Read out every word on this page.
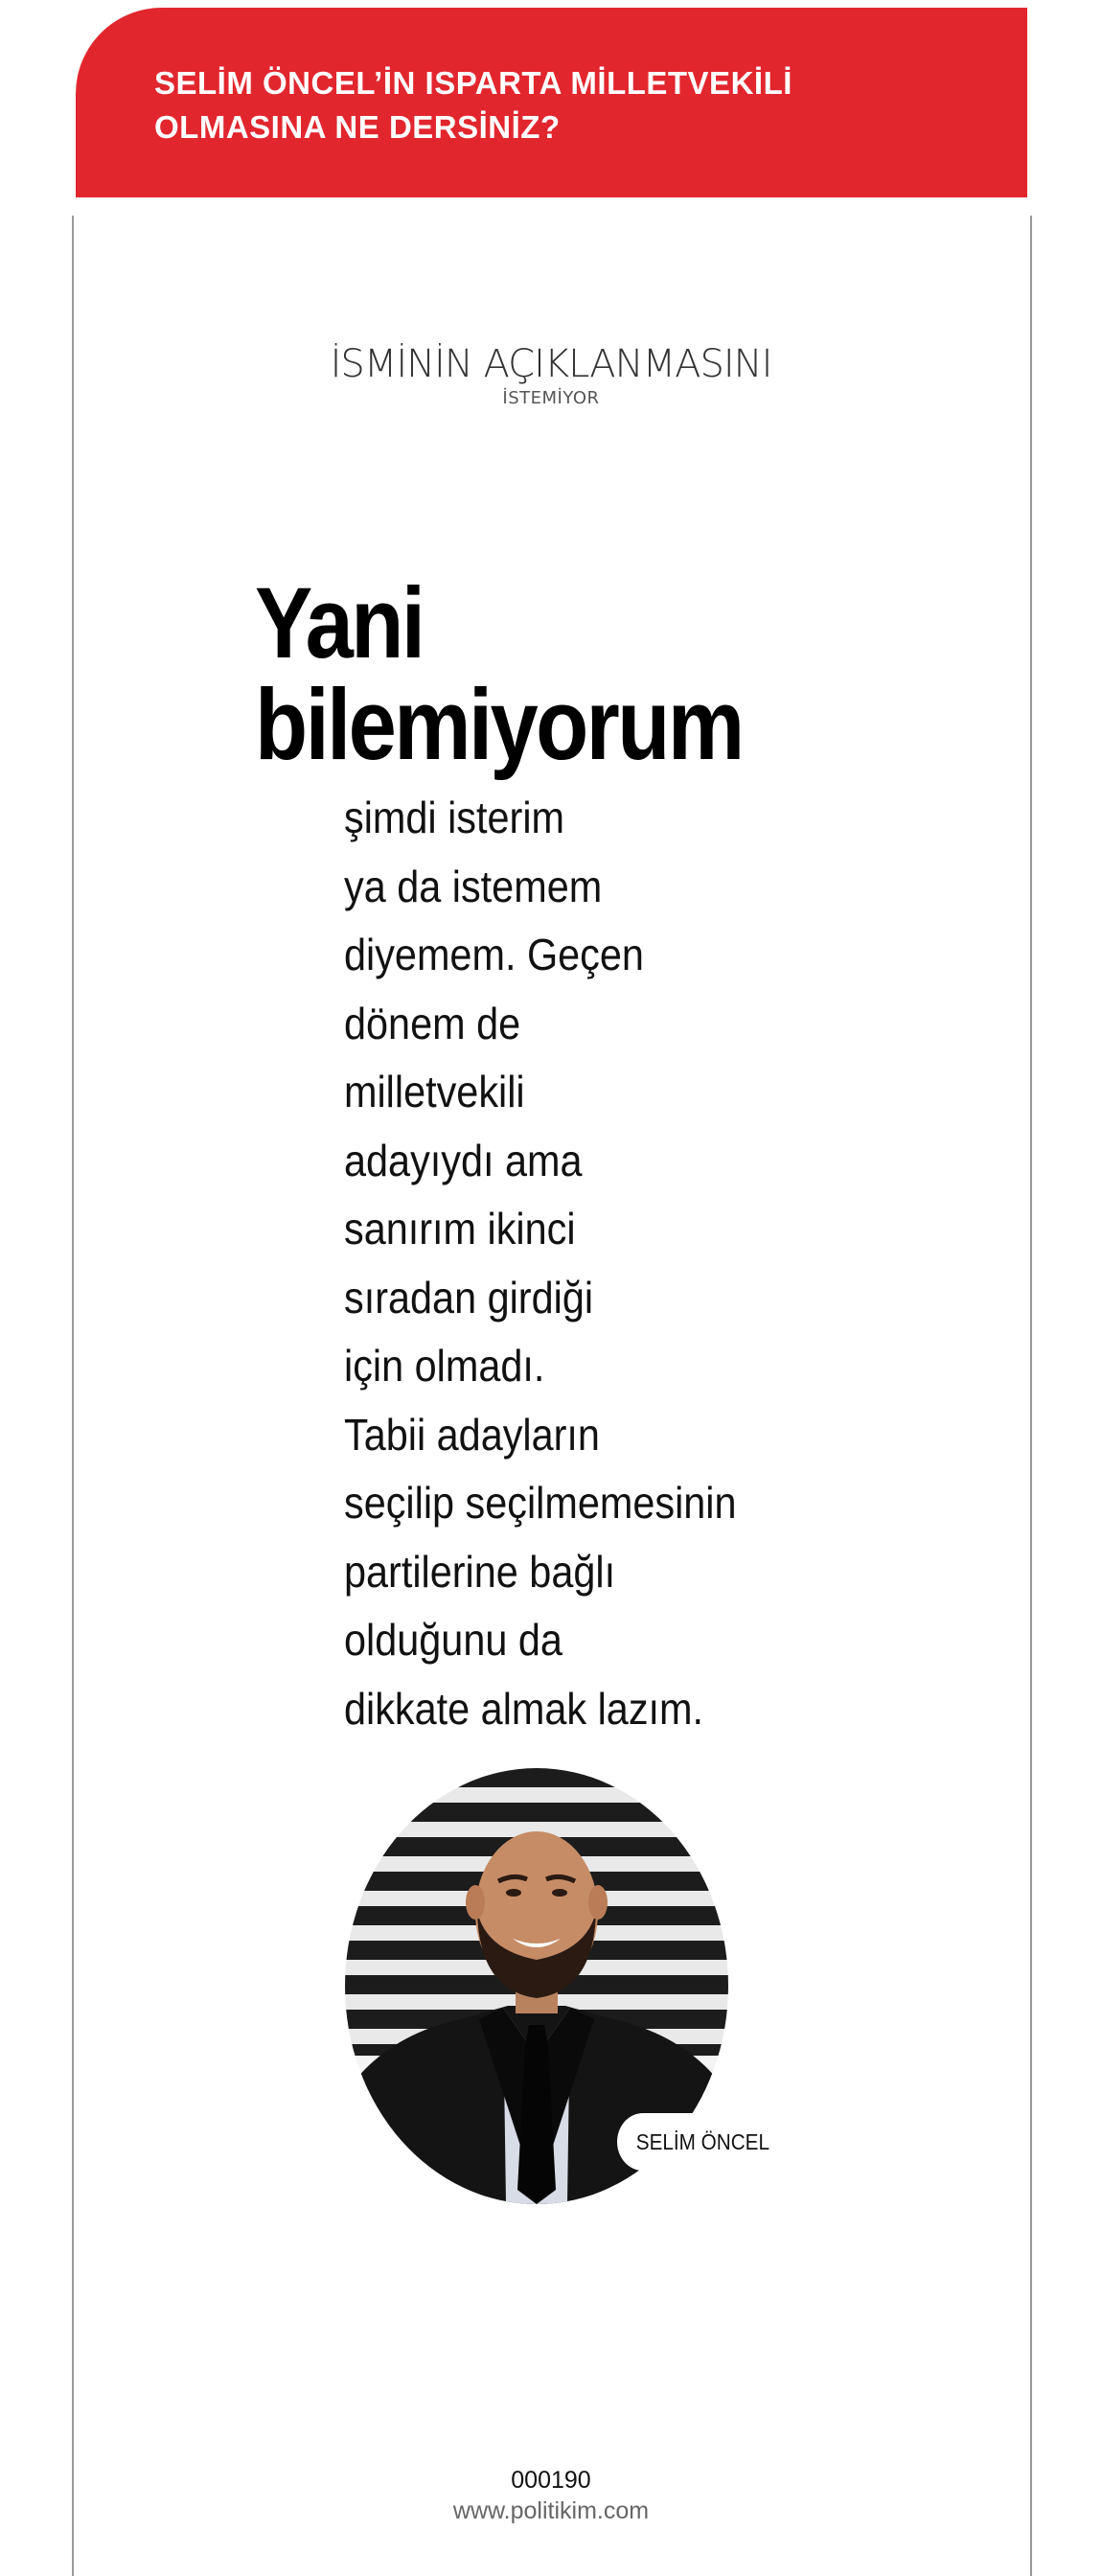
SELİM ÖNCEL’İN ISPARTA MİLLETVEKİLİ OLMASINA NE DERSİNİZ?
İSMİNİN AÇIKLANMASINI
İSTEMİYOR
Yani bilemiyorum
şimdi isterim
ya da istemem
diyemem. Geçen
dönem de
milletvekili
adayıydı ama
sanırım ikinci
sıradan girdiği
için olmadı.
Tabii adayların
seçilip seçilmemesinin
partilerine bağlı
olduğunu da
dikkate almak lazım.
SELİM ÖNCEL
000190
www.politikim.com
